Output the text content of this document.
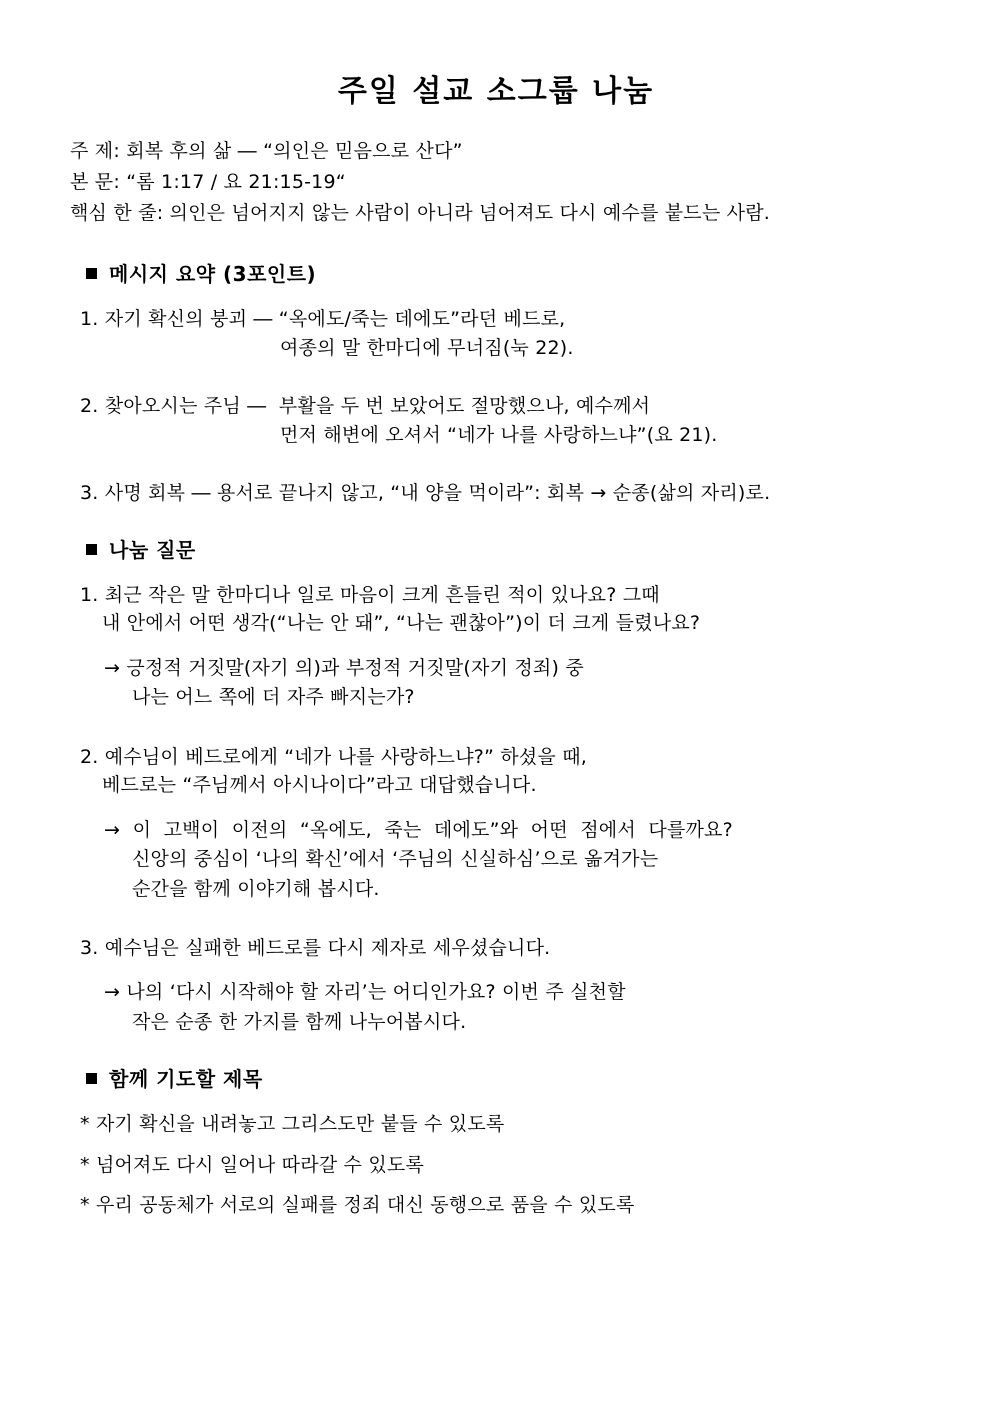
주일 설교 소그룹 나눔
주 제: 회복 후의 삶 ― “의인은 믿음으로 산다”
본 문: “롬 1:17 / 요 21:15-19“
핵심 한 줄: 의인은 넘어지지 않는 사람이 아니라 넘어져도 다시 예수를 붙드는 사람.
메시지 요약 (3포인트)
1. 자기 확신의 붕괴 ― “옥에도/죽는 데에도”라던 베드로,
여종의 말 한마디에 무너짐(눅 22).
2. 찾아오시는 주님 ―  부활을 두 번 보았어도 절망했으나, 예수께서
먼저 해변에 오셔서 “네가 나를 사랑하느냐”(요 21).
3. 사명 회복 ― 용서로 끝나지 않고, “내 양을 먹이라”: 회복 → 순종(삶의 자리)로.
나눔 질문
1. 최근 작은 말 한마디나 일로 마음이 크게 흔들린 적이 있나요? 그때
내 안에서 어떤 생각(“나는 안 돼”, “나는 괜찮아”)이 더 크게 들렸나요?
→ 긍정적 거짓말(자기 의)과 부정적 거짓말(자기 정죄) 중
나는 어느 쪽에 더 자주 빠지는가?
2. 예수님이 베드로에게 “네가 나를 사랑하느냐?” 하셨을 때,
베드로는 “주님께서 아시나이다”라고 대답했습니다.
→  이  고백이  이전의  “옥에도,  죽는  데에도”와  어떤  점에서  다를까요?
신앙의 중심이 ‘나의 확신’에서 ‘주님의 신실하심’으로 옮겨가는
순간을 함께 이야기해 봅시다.
3. 예수님은 실패한 베드로를 다시 제자로 세우셨습니다.
→ 나의 ‘다시 시작해야 할 자리’는 어디인가요? 이번 주 실천할
작은 순종 한 가지를 함께 나누어봅시다.
함께 기도할 제목
* 자기 확신을 내려놓고 그리스도만 붙들 수 있도록
* 넘어져도 다시 일어나 따라갈 수 있도록
* 우리 공동체가 서로의 실패를 정죄 대신 동행으로 품을 수 있도록
